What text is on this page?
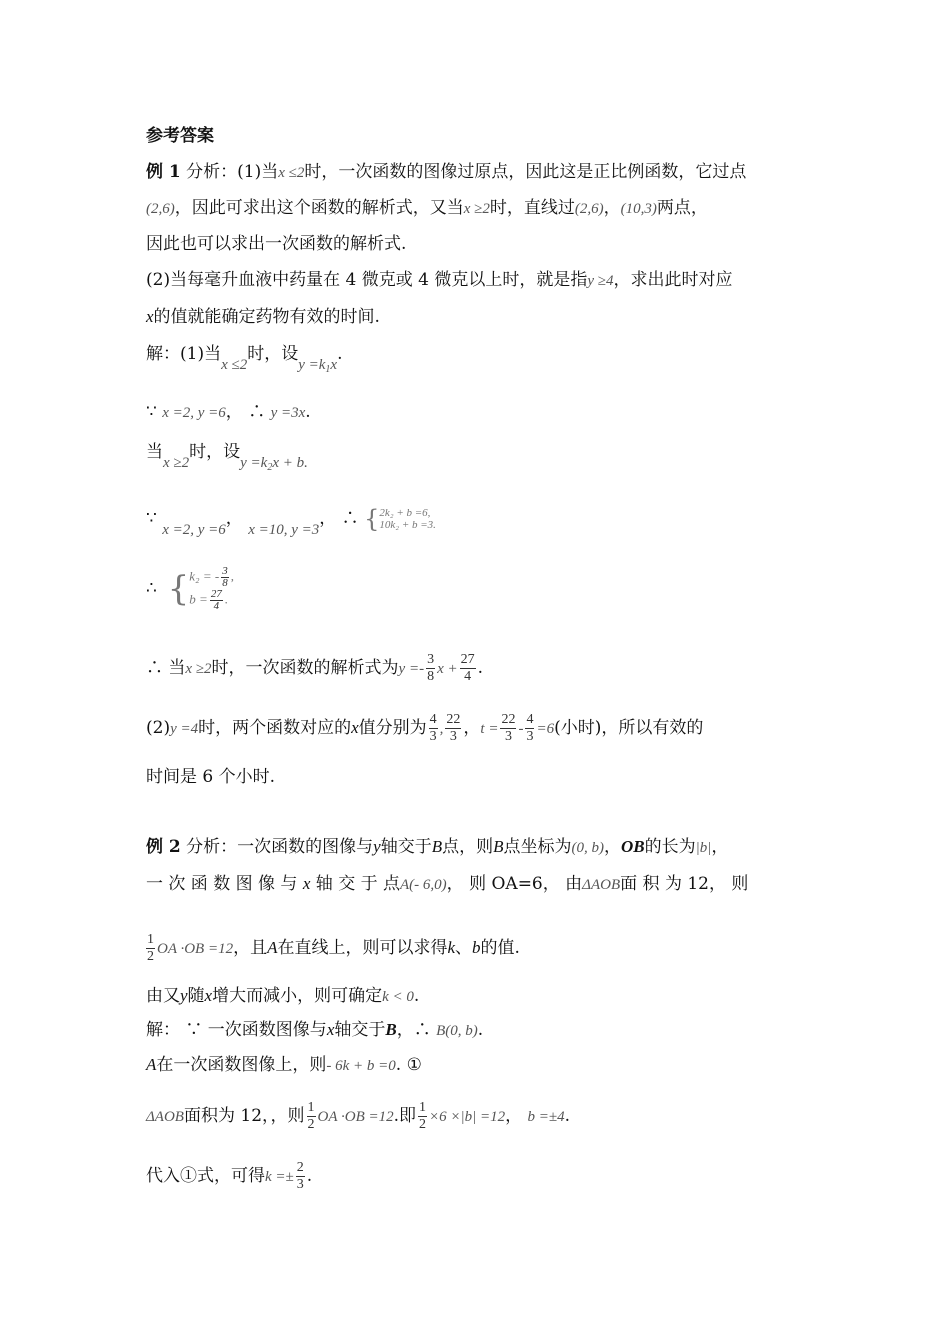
参考答案
例 1 分析：(1)当x ≤2时，一次函数的图像过原点，因此这是正比例函数，它过点
(2,6)，因此可求出这个函数的解析式，又当x ≥2时，直线过(2,6)，(10,3)两点，
因此也可以求出一次函数的解析式.
(2)当每毫升血液中药量在 4 微克或 4 微克以上时，就是指y ≥4，求出此时对应
x的值就能确定药物有效的时间.
解：(1)当x ≤2时，设$y =k_1x$.
∵ x =2, y =6， ∴ y =3x.
当x ≥2时，设$y =k_2x + b$.
∵ x =2, y =6， x =10, y =3， ∴ { 2k₂ + b =6,
10k₂ + b =3.
∴ { k₂ = - $\frac{3}{8}$ ,
$b = \frac{27}{4}$ .
∴ 当x ≥2时，一次函数的解析式为$y =- \frac{3}{8}$ $x + \frac{27}{4}$ .
(2)y =4时，两个函数对应的x值分别为 $\frac{4}{3}$ , $\frac{22}{3}$ ，$t = \frac{22}{3} - \frac{4}{3} =6$(小时)，所以有效的
时间是 6 个小时.
例 2 分析：一次函数的图像与y轴交于B点，则B点坐标为(0, b)，OB的长为|b|，
一 次 函 数 图 像 与 x 轴 交 于 点A(- 6,0)， 则 OA=6， 由ΔAOB面 积 为 12， 则
$\frac{1}{2}$ OA ·OB =12，且A在直线上，则可以求得k、b的值.
由又y随x增大而减小，则可确定k < 0.
解： ∵ 一次函数图像与x轴交于B，∴ B(0, b).
A在一次函数图像上，则- 6k + b =0. ①
ΔAOB面积为 12，，则 $\frac{1}{2}$ OA ·OB =12.即 $\frac{1}{2} \times 6 \times|b| =12$， b =±4.
代入①式，可得$k =\pm \frac{2}{3}$ .
